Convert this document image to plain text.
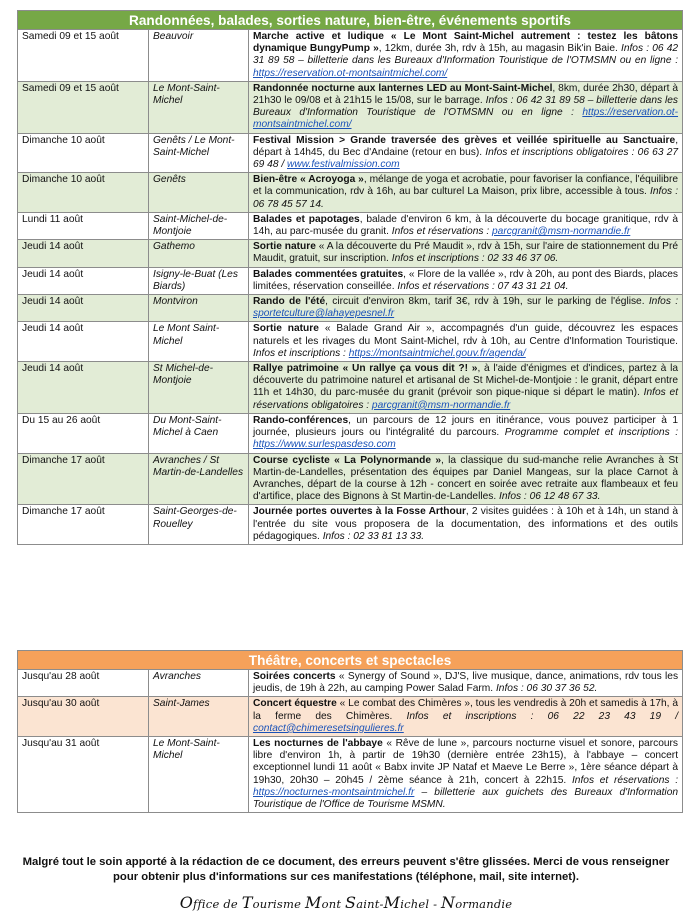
Randonnées, balades, sorties nature, bien-être, événements sportifs		
Samedi 09 et 15 août	Beauvoir	Marche active et ludique « Le Mont Saint-Michel autrement : testez les bâtons dynamique BungyPump », 12km, durée 3h, rdv à 15h, au magasin Bik'in Baie. Infos : 06 42 31 89 58 – billetterie dans les Bureaux d'Information Touristique de l'OTMSMN ou en ligne : https://reservation.ot-montsaintmichel.com/
Samedi 09 et 15 août	Le Mont-Saint-Michel	Randonnée nocturne aux lanternes LED au Mont-Saint-Michel, 8km, durée 2h30, départ à 21h30 le 09/08 et à 21h15 le 15/08, sur le barrage. Infos : 06 42 31 89 58 – billetterie dans les Bureaux d'Information Touristique de l'OTMSMN ou en ligne : https://reservation.ot-montsaintmichel.com/
Dimanche 10 août	Genêts / Le Mont-Saint-Michel	Festival Mission > Grande traversée des grèves et veillée spirituelle au Sanctuaire, départ à 14h45, du Bec d'Andaine (retour en bus). Infos et inscriptions obligatoires : 06 63 27 69 48 / www.festivalmission.com
Dimanche 10 août	Genêts	Bien-être « Acroyoga », mélange de yoga et acrobatie, pour favoriser la confiance, l'équilibre et la communication, rdv à 16h, au bar culturel La Maison, prix libre, accessible à tous. Infos : 06 78 45 57 14.
Lundi 11 août	Saint-Michel-de-Montjoie	Balades et papotages, balade d'environ 6 km, à la découverte du bocage granitique, rdv à 14h, au parc-musée du granit. Infos et réservations : parcgranit@msm-normandie.fr
Jeudi 14 août	Gathemo	Sortie nature « A la découverte du Pré Maudit », rdv à 15h, sur l'aire de stationnement du Pré Maudit, gratuit, sur inscription. Infos et inscriptions : 02 33 46 37 06.
Jeudi 14 août	Isigny-le-Buat (Les Biards)	Balades commentées gratuites, « Flore de la vallée », rdv à 20h, au pont des Biards, places limitées, réservation conseillée. Infos et réservations : 07 43 31 21 04.
Jeudi 14 août	Montviron	Rando de l'été, circuit d'environ 8km, tarif 3€, rdv à 19h, sur le parking de l'église. Infos : sportetculture@lahayepesnel.fr
Jeudi 14 août	Le Mont Saint-Michel	Sortie nature « Balade Grand Air », accompagnés d'un guide, découvrez les espaces naturels et les rivages du Mont Saint-Michel, rdv à 10h, au Centre d'Information Touristique. Infos et inscriptions : https://montsaintmichel.gouv.fr/agenda/
Jeudi 14 août	St Michel-de-Montjoie	Rallye patrimoine « Un rallye ça vous dit ?! », à l'aide d'énigmes et d'indices, partez à la découverte du patrimoine naturel et artisanal de St Michel-de-Montjoie : le granit, départ entre 11h et 14h30, du parc-musée du granit (prévoir son pique-nique si départ le matin). Infos et réservations obligatoires : parcgranit@msm-normandie.fr
Du 15 au 26 août	Du Mont-Saint-Michel à Caen	Rando-conférences, un parcours de 12 jours en itinérance, vous pouvez participer à 1 journée, plusieurs jours ou l'intégralité du parcours. Programme complet et inscriptions : https://www.surlespasdeso.com
Dimanche 17 août	Avranches / St Martin-de-Landelles	Course cycliste « La Polynormande », la classique du sud-manche relie Avranches à St Martin-de-Landelles, présentation des équipes par Daniel Mangeas, sur la place Carnot à Avranches, départ de la course à 12h - concert en soirée avec retraite aux flambeaux et feu d'artifice, place des Bignons à St Martin-de-Landelles. Infos : 06 12 48 67 33.
Dimanche 17 août	Saint-Georges-de-Rouelley	Journée portes ouvertes à la Fosse Arthour, 2 visites guidées : à 10h et à 14h, un stand à l'entrée du site vous proposera de la documentation, des informations et des outils pédagogiques. Infos : 02 33 81 13 33.
Théâtre, concerts et spectacles		
Jusqu'au 28 août	Avranches	Soirées concerts « Synergy of Sound », DJ'S, live musique, dance, animations, rdv tous les jeudis, de 19h à 22h, au camping Power Salad Farm. Infos : 06 30 37 36 52.
Jusqu'au 30 août	Saint-James	Concert équestre « Le combat des Chimères », tous les vendredis à 20h et samedis à 17h, à la ferme des Chimères. Infos et inscriptions : 06 22 23 43 19 / contact@chimeresetsingulieres.fr
Jusqu'au 31 août	Le Mont-Saint-Michel	Les nocturnes de l'abbaye « Rêve de lune », parcours nocturne visuel et sonore, parcours libre d'environ 1h, à partir de 19h30 (dernière entrée 23h15), à l'abbaye – concert exceptionnel lundi 11 août « Babx invite JP Nataf et Maeve Le Berre », 1ère séance départ à 19h30, 20h30 – 20h45 / 2ème séance à 21h, concert à 22h15. Infos et réservations : https://nocturnes-montsaintmichel.fr – billetterie aux guichets des Bureaux d'Information Touristique de l'Office de Tourisme MSMN.
Malgré tout le soin apporté à la rédaction de ce document, des erreurs peuvent s'être glissées. Merci de vous renseigner pour obtenir plus d'informations sur ces manifestations (téléphone, mail, site internet).
Office de Tourisme Mont Saint-Michel - Normandie
